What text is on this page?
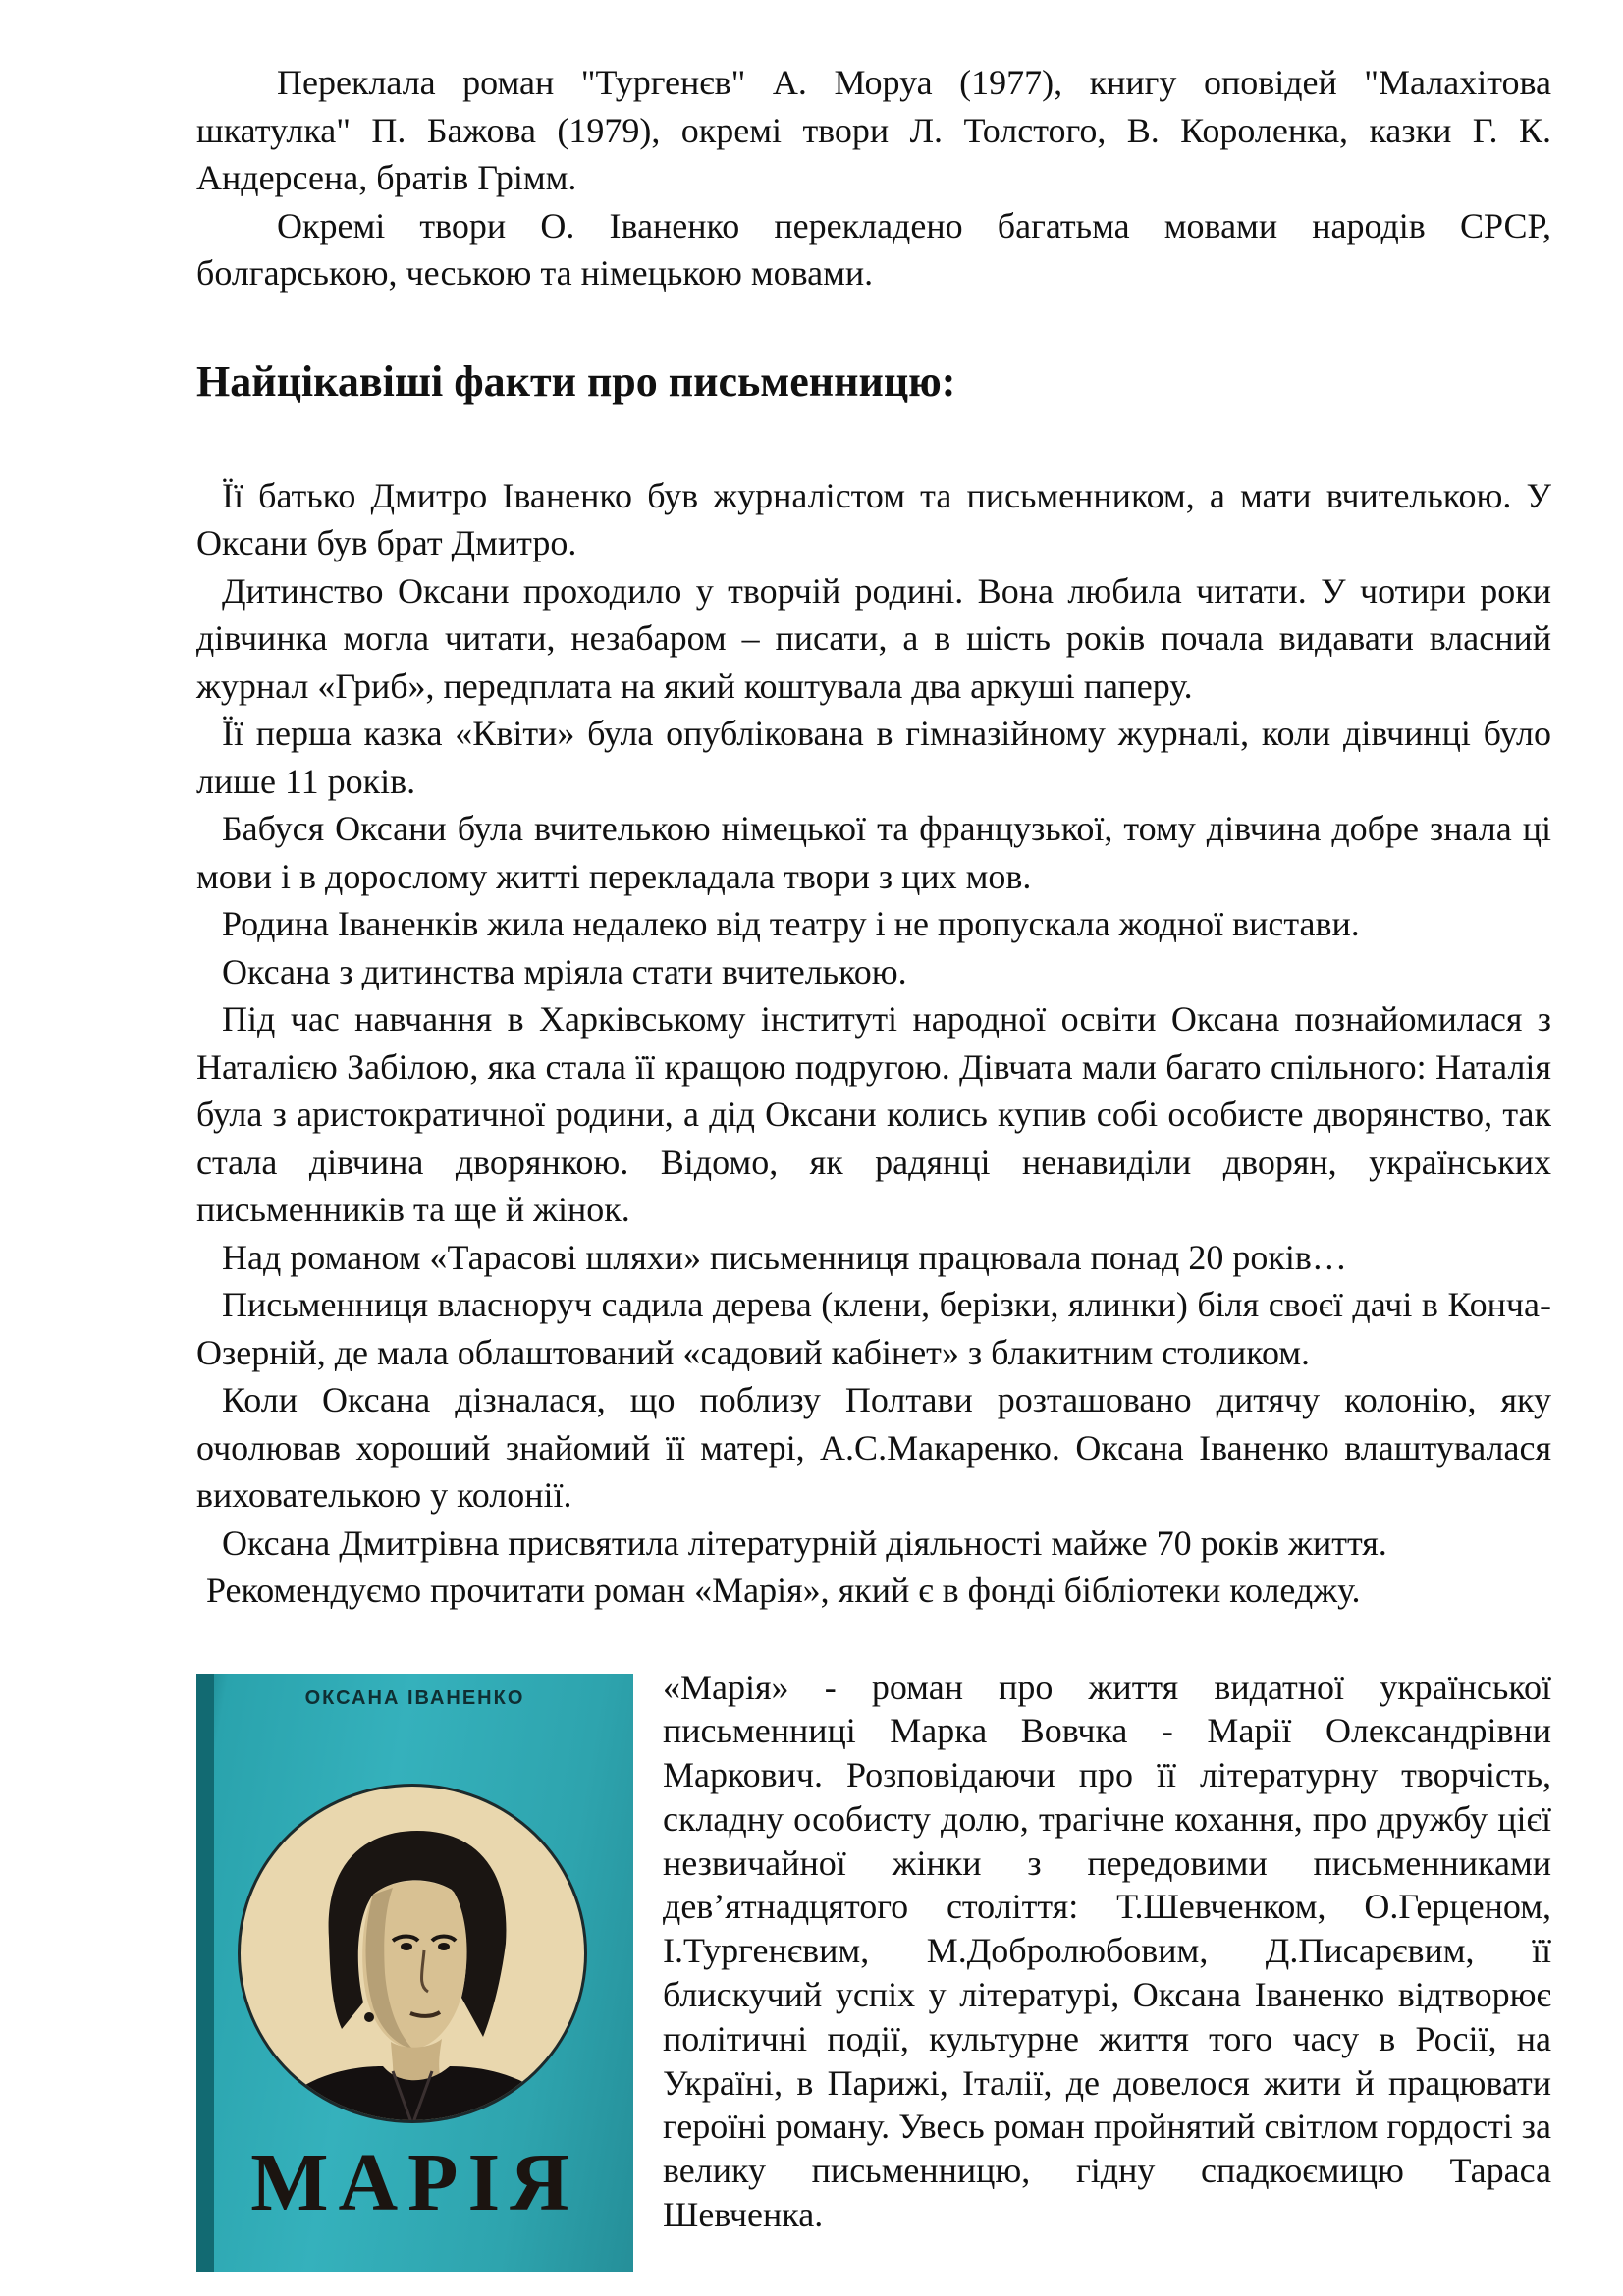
Переклала роман "Тургенєв" А. Моруа (1977), книгу оповідей "Малахітова шкатулка" П. Бажова (1979), окремі твори Л. Толстого, В. Короленка, казки Г. К. Андерсена, братів Грімм.

Окремі твори О. Іваненко перекладено багатьма мовами народів СРСР, болгарською, чеською та німецькою мовами.

Найцікавіші факти про письменницю:

Її батько Дмитро Іваненко був журналістом та письменником, а мати вчителькою. У Оксани був брат Дмитро.

Дитинство Оксани проходило у творчій родині. Вона любила читати. У чотири роки дівчинка могла читати, незабаром – писати, а в шість років почала видавати власний журнал «Гриб», передплата на який коштувала два аркуші паперу.

Її перша казка «Квіти» була опублікована в гімназійному журналі, коли дівчинці було лише 11 років.

Бабуся Оксани була вчителькою німецької та французької, тому дівчина добре знала ці мови і в дорослому житті перекладала твори з цих мов.

Родина Іваненків жила недалеко від театру і не пропускала жодної вистави.

Оксана з дитинства мріяла стати вчителькою.

Під час навчання в Харківському інституті народної освіти Оксана познайомилася з Наталією Забілою, яка стала її кращою подругою. Дівчата мали багато спільного: Наталія була з аристократичної родини, а дід Оксани колись купив собі особисте дворянство, так стала дівчина дворянкою. Відомо, як радянці ненавиділи дворян, українських письменників та ще й жінок.

Над романом «Тарасові шляхи» письменниця працювала понад 20 років…

Письменниця власноруч садила дерева (клени, берізки, ялинки) біля своєї дачі в Конча-Озерній, де мала облаштований «садовий кабінет» з блакитним столиком.

Коли Оксана дізналася, що поблизу Полтави розташовано дитячу колонію, яку очолював хороший знайомий її матері, А.С.Макаренко. Оксана Іваненко влаштувалася вихователькою у колонії.

Оксана Дмитрівна присвятила літературній діяльності майже 70 років життя.

Рекомендуємо прочитати роман «Марія», який є в фонді бібліотеки коледжу.

ОКСАНА ІВАНЕНКО
МАРІЯ

«Марія» - роман про життя видатної української письменниці Марка Вовчка - Марії Олександрівни Маркович. Розповідаючи про її літературну творчість, складну особисту долю, трагічне кохання, про дружбу цієї незвичайної жінки з передовими письменниками дев’ятнадцятого століття: Т.Шевченком, О.Герценом, І.Тургенєвим, М.Добролюбовим, Д.Писарєвим, її блискучий успіх у літературі, Оксана Іваненко відтворює політичні події, культурне життя того часу в Росії, на Україні, в Парижі, Італії, де довелося жити й працювати героїні роману. Увесь роман пройнятий світлом гордості за велику письменницю, гідну спадкоємицю Тараса Шевченка.
